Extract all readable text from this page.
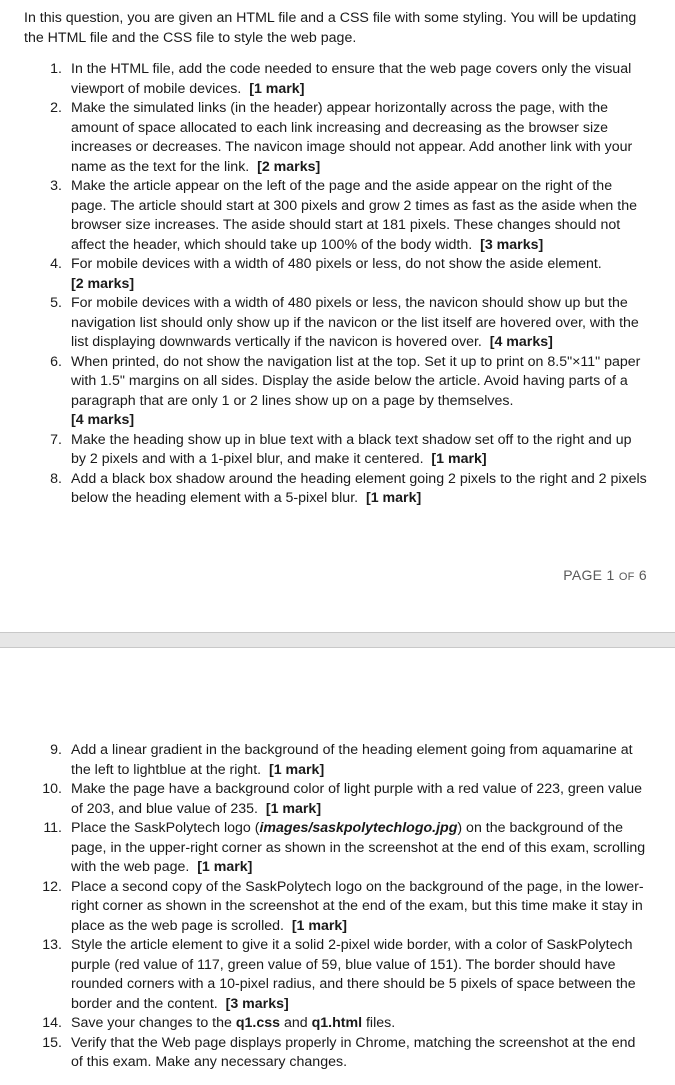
In this question, you are given an HTML file and a CSS file with some styling. You will be updating the HTML file and the CSS file to style the web page.

1. In the HTML file, add the code needed to ensure that the web page covers only the visual viewport of mobile devices. [1 mark]
2. Make the simulated links (in the header) appear horizontally across the page, with the amount of space allocated to each link increasing and decreasing as the browser size increases or decreases. The navicon image should not appear. Add another link with your name as the text for the link. [2 marks]
3. Make the article appear on the left of the page and the aside appear on the right of the page. The article should start at 300 pixels and grow 2 times as fast as the aside when the browser size increases. The aside should start at 181 pixels. These changes should not affect the header, which should take up 100% of the body width. [3 marks]
4. For mobile devices with a width of 480 pixels or less, do not show the aside element.
[2 marks]
5. For mobile devices with a width of 480 pixels or less, the navicon should show up but the navigation list should only show up if the navicon or the list itself are hovered over, with the list displaying downwards vertically if the navicon is hovered over. [4 marks]
6. When printed, do not show the navigation list at the top. Set it up to print on 8.5"×11" paper with 1.5" margins on all sides. Display the aside below the article. Avoid having parts of a paragraph that are only 1 or 2 lines show up on a page by themselves.
[4 marks]
7. Make the heading show up in blue text with a black text shadow set off to the right and up by 2 pixels and with a 1-pixel blur, and make it centered. [1 mark]
8. Add a black box shadow around the heading element going 2 pixels to the right and 2 pixels below the heading element with a 5-pixel blur. [1 mark]
PAGE 1 OF 6
9. Add a linear gradient in the background of the heading element going from aquamarine at the left to lightblue at the right. [1 mark]
10. Make the page have a background color of light purple with a red value of 223, green value of 203, and blue value of 235. [1 mark]
11. Place the SaskPolytech logo (images/saskpolytechlogo.jpg) on the background of the page, in the upper-right corner as shown in the screenshot at the end of this exam, scrolling with the web page. [1 mark]
12. Place a second copy of the SaskPolytech logo on the background of the page, in the lower-right corner as shown in the screenshot at the end of the exam, but this time make it stay in place as the web page is scrolled. [1 mark]
13. Style the article element to give it a solid 2-pixel wide border, with a color of SaskPolytech purple (red value of 117, green value of 59, blue value of 151). The border should have rounded corners with a 10-pixel radius, and there should be 5 pixels of space between the border and the content. [3 marks]
14. Save your changes to the q1.css and q1.html files.
15. Verify that the Web page displays properly in Chrome, matching the screenshot at the end of this exam. Make any necessary changes.
